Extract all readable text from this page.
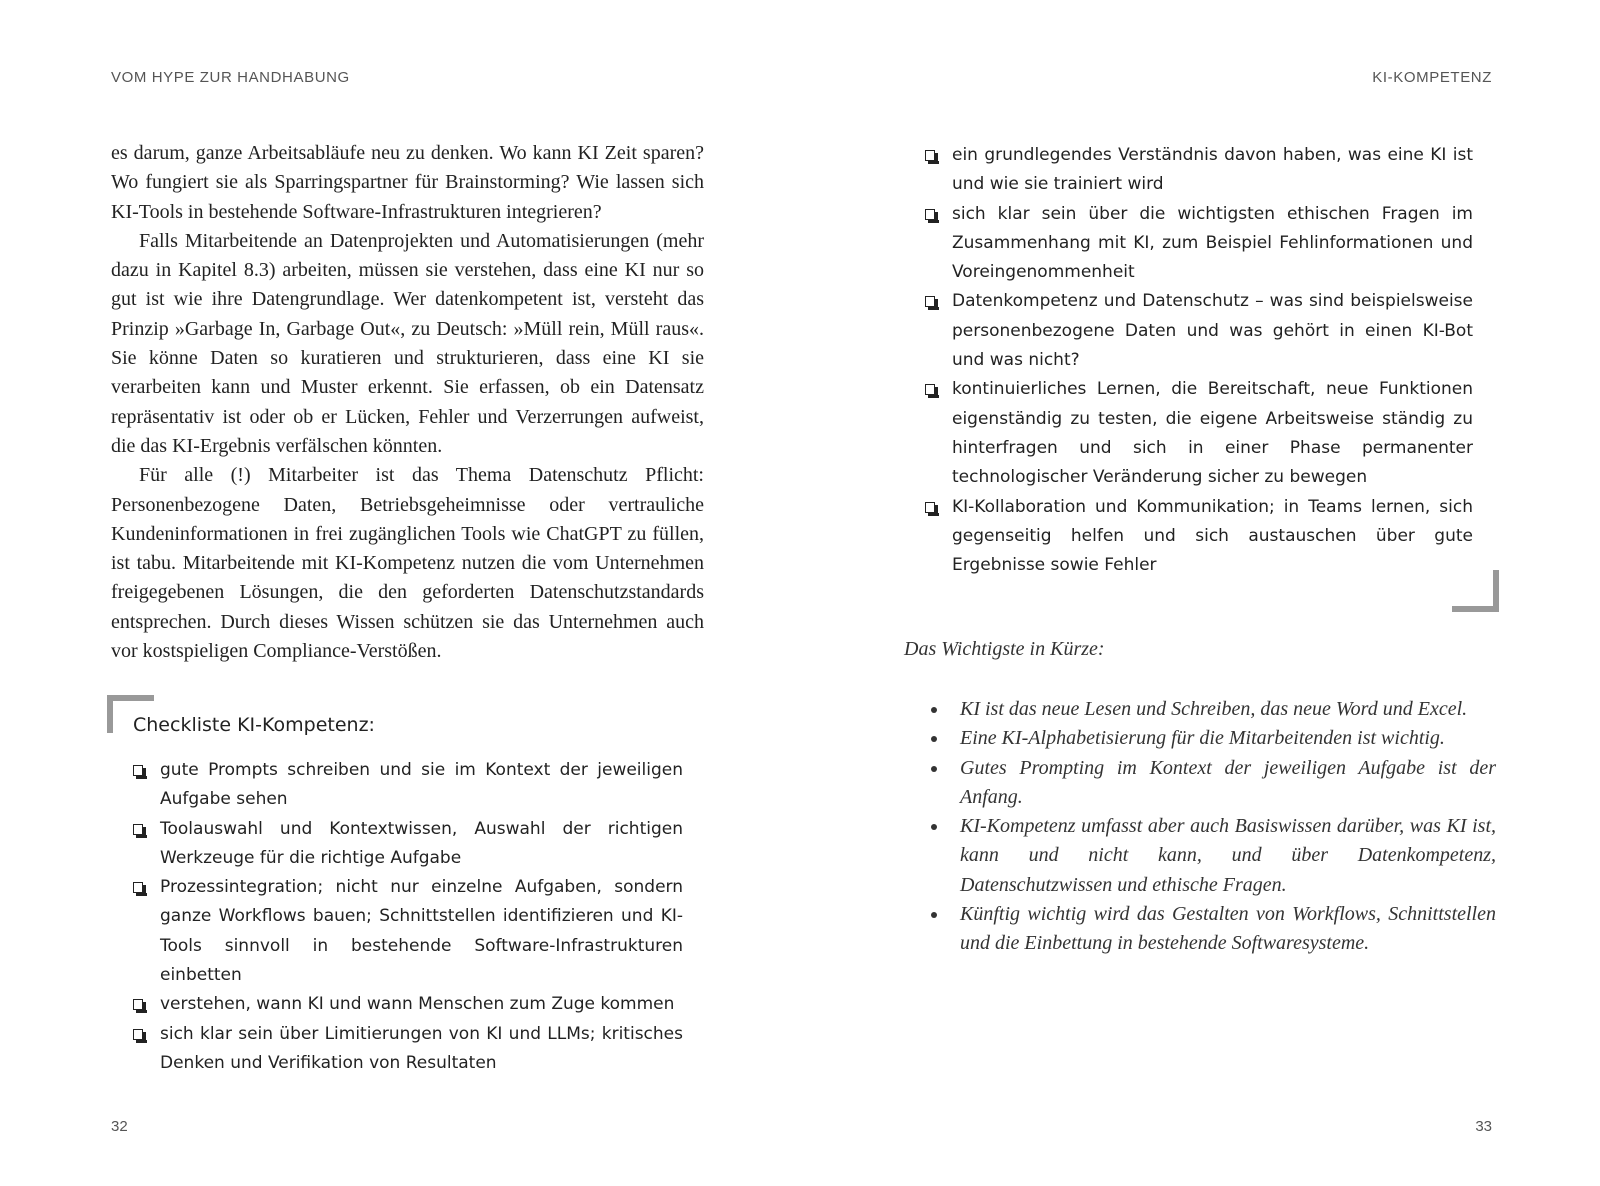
VOM HYPE ZUR HANDHABUNG

es darum, ganze Arbeitsabläufe neu zu denken. Wo kann KI Zeit sparen? Wo fungiert sie als Sparringspartner für Brainstorming? Wie lassen sich KI-Tools in bestehende Software-Infrastrukturen integrieren?

Falls Mitarbeitende an Datenprojekten und Automatisierungen (mehr dazu in Kapitel 8.3) arbeiten, müssen sie verstehen, dass eine KI nur so gut ist wie ihre Datengrundlage. Wer datenkompetent ist, versteht das Prinzip »Garbage In, Garbage Out«, zu Deutsch: »Müll rein, Müll raus«. Sie könne Daten so kuratieren und strukturieren, dass eine KI sie verarbeiten kann und Muster erkennt. Sie erfassen, ob ein Datensatz repräsentativ ist oder ob er Lücken, Fehler und Verzerrungen aufweist, die das KI-Ergebnis verfälschen könnten.

Für alle (!) Mitarbeiter ist das Thema Datenschutz Pflicht: Personenbezogene Daten, Betriebsgeheimnisse oder vertrauliche Kundeninformationen in frei zugänglichen Tools wie ChatGPT zu füllen, ist tabu. Mitarbeitende mit KI-Kompetenz nutzen die vom Unternehmen freigegebenen Lösungen, die den geforderten Datenschutzstandards entsprechen. Durch dieses Wissen schützen sie das Unternehmen auch vor kostspieligen Compliance-Verstößen.

Checkliste KI-Kompetenz:
gute Prompts schreiben und sie im Kontext der jeweiligen Aufgabe sehen
Toolauswahl und Kontextwissen, Auswahl der richtigen Werkzeuge für die richtige Aufgabe
Prozessintegration; nicht nur einzelne Aufgaben, sondern ganze Workflows bauen; Schnittstellen identifizieren und KI-Tools sinnvoll in bestehende Software-Infrastrukturen einbetten
verstehen, wann KI und wann Menschen zum Zuge kommen
sich klar sein über Limitierungen von KI und LLMs; kritisches Denken und Verifikation von Resultaten
32
KI-KOMPETENZ
ein grundlegendes Verständnis davon haben, was eine KI ist und wie sie trainiert wird
sich klar sein über die wichtigsten ethischen Fragen im Zusammenhang mit KI, zum Beispiel Fehlinformationen und Voreingenommenheit
Datenkompetenz und Datenschutz – was sind beispielsweise personenbezogene Daten und was gehört in einen KI-Bot und was nicht?
kontinuierliches Lernen, die Bereitschaft, neue Funktionen eigenständig zu testen, die eigene Arbeitsweise ständig zu hinterfragen und sich in einer Phase permanenter technologischer Veränderung sicher zu bewegen
KI-Kollaboration und Kommunikation; in Teams lernen, sich gegenseitig helfen und sich austauschen über gute Ergebnisse sowie Fehler
Das Wichtigste in Kürze:
KI ist das neue Lesen und Schreiben, das neue Word und Excel.
Eine KI-Alphabetisierung für die Mitarbeitenden ist wichtig.
Gutes Prompting im Kontext der jeweiligen Aufgabe ist der Anfang.
KI-Kompetenz umfasst aber auch Basiswissen darüber, was KI ist, kann und nicht kann, und über Datenkompetenz, Datenschutzwissen und ethische Fragen.
Künftig wichtig wird das Gestalten von Workflows, Schnittstellen und die Einbettung in bestehende Softwaresysteme.
33
